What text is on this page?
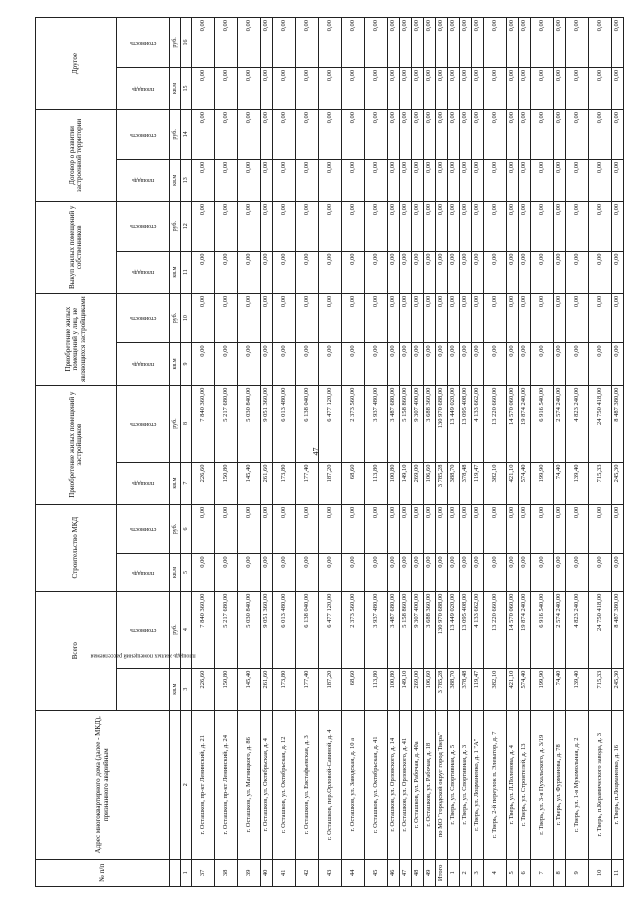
47
№ п/п	Адрес многоквартирного дома (далее - МКД), признанного аварийным	Всего		Строительство МКД		Приобретение жилых помещений у застройщиков		Приобретение жилых помещений у лиц, не являющихся застройщиками		Выкуп жилых помещений у собственников		Договор о развитии застроенной территории		Другое	
		площадь жилых помещений расселяемая	стоимость	площадь	стоимость	площадь	стоимость	площадь	стоимость	площадь	стоимость	площадь	стоимость	площадь	стоимость
		кв.м	руб.	кв.м	руб.	кв.м	руб.	кв.м	руб.	кв.м	руб.	кв.м	руб.	кв.м	руб.
1	2	3	4	5	6	7	8	9	10	11	12	13	14	15	16
37	г. Осташков, пр-кт Ленинский, д. 21	226,60	7 840 360,00	0,00	0,00	226,60	7 840 360,00	0,00	0,00	0,00	0,00	0,00	0,00	0,00	0,00
38	г. Осташков, пр-кт Ленинский, д. 24	150,80	5 217 680,00	0,00	0,00	150,80	5 217 680,00	0,00	0,00	0,00	0,00	0,00	0,00	0,00	0,00
39	г. Осташков, ул. Магницкого, д. 86	145,40	5 030 840,00	0,00	0,00	145,40	5 030 840,00	0,00	0,00	0,00	0,00	0,00	0,00	0,00	0,00
40	г. Осташков, ул. Октябрьская, д. 4	261,60	9 051 360,00	0,00	0,00	261,60	9 051 360,00	0,00	0,00	0,00	0,00	0,00	0,00	0,00	0,00
41	г. Осташков, ул. Октябрьская, д. 12	173,80	6 013 480,00	0,00	0,00	173,80	6 013 480,00	0,00	0,00	0,00	0,00	0,00	0,00	0,00	0,00
42	г. Осташков, ул. Евстафьевская, д. 3	177,40	6 138 040,00	0,00	0,00	177,40	6 138 040,00	0,00	0,00	0,00	0,00	0,00	0,00	0,00	0,00
43	г. Осташков, пер.Орловой-Савиной, д. 4	187,20	6 477 120,00	0,00	0,00	187,20	6 477 120,00	0,00	0,00	0,00	0,00	0,00	0,00	0,00	0,00
44	г. Осташков, ул. Заводская, д. 10 а	68,60	2 373 560,00	0,00	0,00	68,60	2 373 560,00	0,00	0,00	0,00	0,00	0,00	0,00	0,00	0,00
45	г. Осташков, ул. Октябрьская, д. 41	113,80	3 937 480,00	0,00	0,00	113,80	3 937 480,00	0,00	0,00	0,00	0,00	0,00	0,00	0,00	0,00
46	г. Осташков, ул. Орловского, д. 14	100,80	3 487 680,00	0,00	0,00	100,80	3 487 680,00	0,00	0,00	0,00	0,00	0,00	0,00	0,00	0,00
47	г. Осташков, ул. Орловского, д. 41	149,10	5 158 860,00	0,00	0,00	149,10	5 158 860,00	0,00	0,00	0,00	0,00	0,00	0,00	0,00	0,00
48	г. Осташков, ул. Рабочая, д. 40а	269,00	9 307 400,00	0,00	0,00	269,00	9 307 400,00	0,00	0,00	0,00	0,00	0,00	0,00	0,00	0,00
49	г. Осташков, ул. Рабочая, д. 18	106,60	3 688 360,00	0,00	0,00	106,60	3 688 360,00	0,00	0,00	0,00	0,00	0,00	0,00	0,00	0,00
Итого	по МО "городской округ город Тверь"	3 785,28	130 970 688,00	0,00	0,00	3 785,28	130 970 688,00	0,00	0,00	0,00	0,00	0,00	0,00	0,00	0,00
1	г. Тверь, ул. Спортивная, д. 5	388,70	13 449 020,00	0,00	0,00	388,70	13 449 020,00	0,00	0,00	0,00	0,00	0,00	0,00	0,00	0,00
2	г. Тверь, ул. Спортивная, д. 3	378,48	13 095 408,00	0,00	0,00	378,48	13 095 408,00	0,00	0,00	0,00	0,00	0,00	0,00	0,00	0,00
3	г. Тверь, ул. Лоцманенко, д. 1 "А"	119,47	4 133 662,00	0,00	0,00	119,47	4 133 662,00	0,00	0,00	0,00	0,00	0,00	0,00	0,00	0,00
4	г. Тверь, 2-й переулок п. Элеватор, д. 7	382,10	13 220 660,00	0,00	0,00	382,10	13 220 660,00	0,00	0,00	0,00	0,00	0,00	0,00	0,00	0,00
5	г. Тверь, ул. Л.Поленова, д. 4	421,10	14 570 060,00	0,00	0,00	421,10	14 570 060,00	0,00	0,00	0,00	0,00	0,00	0,00	0,00	0,00
6	г. Тверь, ул. Строителей, д. 13	574,40	19 874 240,00	0,00	0,00	574,40	19 874 240,00	0,00	0,00	0,00	0,00	0,00	0,00	0,00	0,00
7	г. Тверь, ул. 3-я Пухальского, д. 3/19	199,90	6 916 540,00	0,00	0,00	199,90	6 916 540,00	0,00	0,00	0,00	0,00	0,00	0,00	0,00	0,00
8	г. Тверь, ул. Фурманова, д. 78	74,40	2 574 240,00	0,00	0,00	74,40	2 574 240,00	0,00	0,00	0,00	0,00	0,00	0,00	0,00	0,00
9	г. Тверь, ул. 1-я Мукомольная, д. 2	139,40	4 823 240,00	0,00	0,00	139,40	4 823 240,00	0,00	0,00	0,00	0,00	0,00	0,00	0,00	0,00
10	г. Тверь, п.Керамического завода, д. 3	715,33	24 750 418,00	0,00	0,00	715,33	24 750 418,00	0,00	0,00	0,00	0,00	0,00	0,00	0,00	0,00
11	г. Тверь, п.Лоцманенко, д. 16	245,30	8 487 380,00	0,00	0,00	245,30	8 487 380,00	0,00	0,00	0,00	0,00	0,00	0,00	0,00	0,00
